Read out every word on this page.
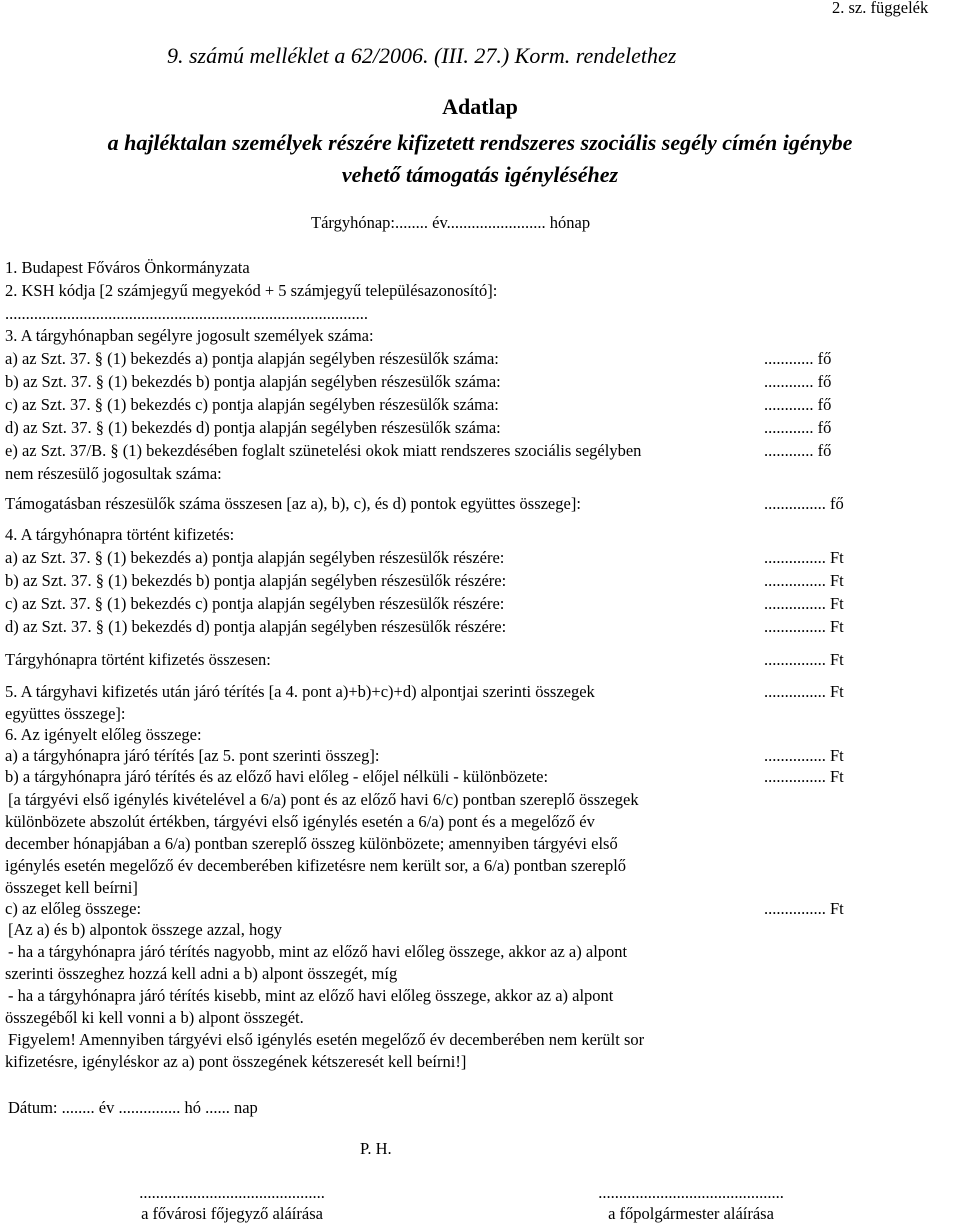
2. sz. függelék
9. számú melléklet a 62/2006. (III. 27.) Korm. rendelethez
Adatlap
a hajléktalan személyek részére kifizetett rendszeres szociális segély címén igénybe
vehető támogatás igényléséhez
Tárgyhónap:........ év........................ hónap
1. Budapest Főváros Önkormányzata
2. KSH kódja [2 számjegyű megyekód + 5 számjegyű településazonosító]:
........................................................................................
3. A tárgyhónapban segélyre jogosult személyek száma:
a) az Szt. 37. § (1) bekezdés a) pontja alapján segélyben részesülők száma:	............ fő
b) az Szt. 37. § (1) bekezdés b) pontja alapján segélyben részesülők száma:	............ fő
c) az Szt. 37. § (1) bekezdés c) pontja alapján segélyben részesülők száma:	............ fő
d) az Szt. 37. § (1) bekezdés d) pontja alapján segélyben részesülők száma:	............ fő
e) az Szt. 37/B. § (1) bekezdésében foglalt szünetelési okok miatt rendszeres szociális segélyben	............ fő
nem részesülő jogosultak száma:
Támogatásban részesülők száma összesen [az a), b), c), és d) pontok együttes összege]:	............... fő
4. A tárgyhónapra történt kifizetés:
a) az Szt. 37. § (1) bekezdés a) pontja alapján segélyben részesülők részére:	............... Ft
b) az Szt. 37. § (1) bekezdés b) pontja alapján segélyben részesülők részére:	............... Ft
c) az Szt. 37. § (1) bekezdés c) pontja alapján segélyben részesülők részére:	............... Ft
d) az Szt. 37. § (1) bekezdés d) pontja alapján segélyben részesülők részére:	............... Ft
Tárgyhónapra történt kifizetés összesen:	............... Ft
5. A tárgyhavi kifizetés után járó térítés [a 4. pont a)+b)+c)+d) alpontjai szerinti összegek	............... Ft
együttes összege]:
6. Az igényelt előleg összege:
a) a tárgyhónapra járó térítés [az 5. pont szerinti összeg]:	............... Ft
b) a tárgyhónapra járó térítés és az előző havi előleg - előjel nélküli - különbözete:	............... Ft
[a tárgyévi első igénylés kivételével a 6/a) pont és az előző havi 6/c) pontban szereplő összegek
különbözete abszolút értékben, tárgyévi első igénylés esetén a 6/a) pont és a megelőző év
december hónapjában a 6/a) pontban szereplő összeg különbözete; amennyiben tárgyévi első
igénylés esetén megelőző év decemberében kifizetésre nem került sor, a 6/a) pontban szereplő
összeget kell beírni]
c) az előleg összege:	............... Ft
[Az a) és b) alpontok összege azzal, hogy
- ha a tárgyhónapra járó térítés nagyobb, mint az előző havi előleg összege, akkor az a) alpont
szerinti összeghez hozzá kell adni a b) alpont összegét, míg
- ha a tárgyhónapra járó térítés kisebb, mint az előző havi előleg összege, akkor az a) alpont
összegéből ki kell vonni a b) alpont összegét.
Figyelem! Amennyiben tárgyévi első igénylés esetén megelőző év decemberében nem került sor
kifizetésre, igényléskor az a) pont összegének kétszeresét kell beírni!]
Dátum: ........ év ............... hó ...... nap
P. H.
.............................................
a fővárosi főjegyző aláírása
.............................................
a főpolgármester aláírása
